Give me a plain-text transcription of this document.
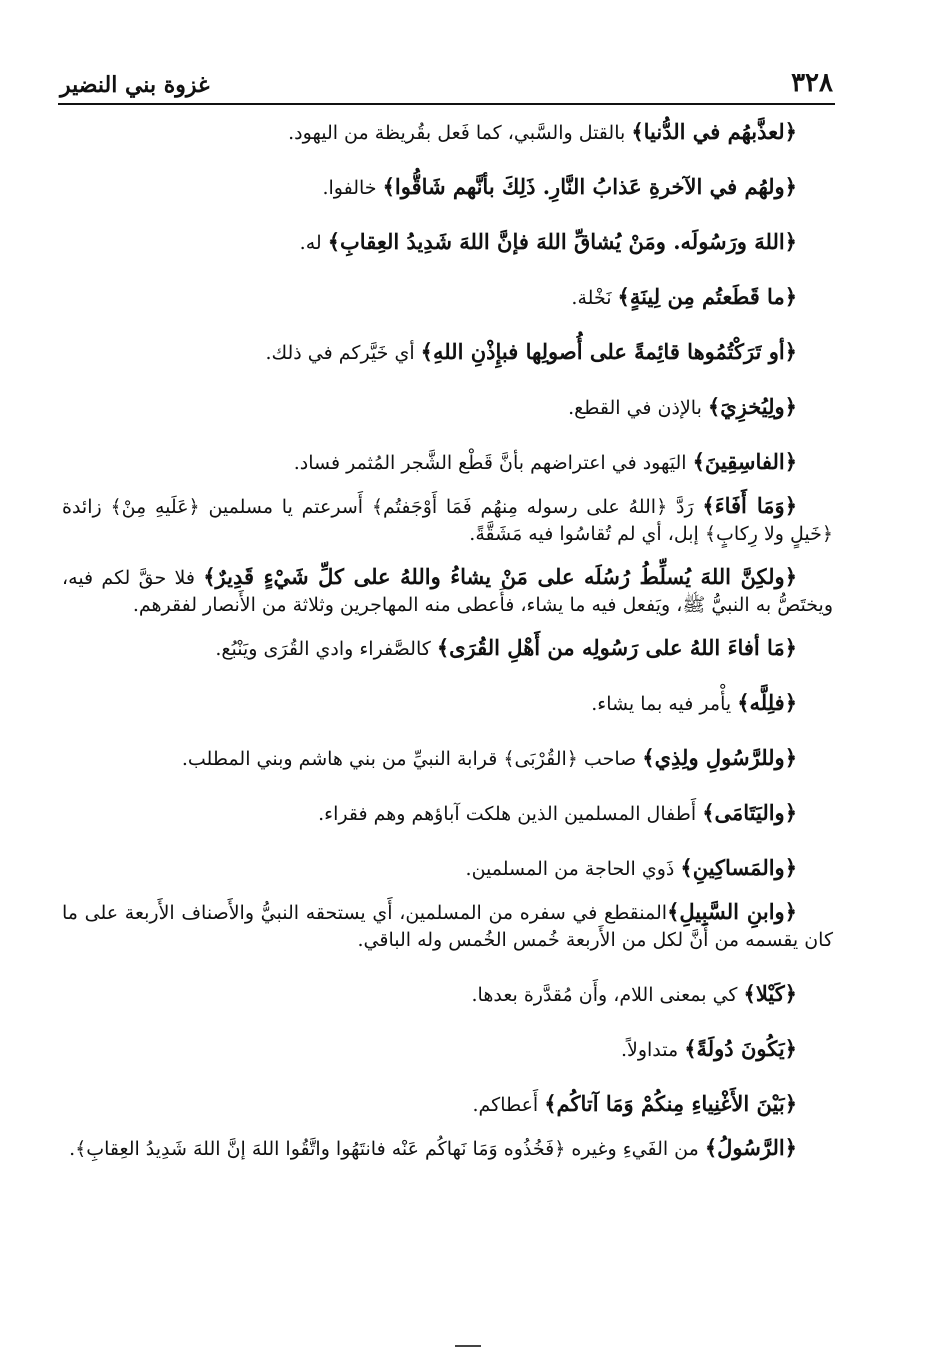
٣٢٨
غزوة بني النضير

﴿لعذَّبهُم في الدُّنيا﴾ بالقتل والسَّبي، كما فَعل بقُريظة من اليهود.

﴿ولهُم في الآخرةِ عَذابُ النَّارِ. ذَلِكَ بأنَّهم شَاقُّوا﴾ خالفوا.

﴿اللهَ ورَسُولَه. ومَنْ يُشاقِّ اللهَ فإنَّ اللهَ شَدِيدُ العِقابِ﴾ له.

﴿ما قَطَعتُم مِن لِينَةٍ﴾ نَخْلة.

﴿أو تَرَكْتُمُوها قائِمةً على أُصولِها فبإِذْنِ اللهِ﴾ أي خَيَّركم في ذلك.

﴿ولِيُخزِيَ﴾ بالإذن في القطع.

﴿الفاسِقِينَ﴾ اليَهود في اعتراضهم بأنَّ قَطْع الشَّجر المُثمر فساد.

﴿وَمَا أَفَاءَ﴾ رَدَّ ﴿اللهُ على رسوله مِنهُم فَمَا أَوْجَفتُم﴾ أَسرعتم يا مسلمين ﴿عَلَيهِ مِنْ﴾ زائدة ﴿خَيلٍ ولا رِكابٍ﴾ إبل، أي لم تُقاسُوا فيه مَشَقَّةً.

﴿ولكِنَّ اللهَ يُسلِّطُ رُسُلَه على مَنْ يشاءُ واللهُ على كلِّ شَيْءٍ قَدِيرٌ﴾ فلا حقَّ لكم فيه، ويختَصُّ به النبيُّ ﷺ، ويَفعل فيه ما يشاء، فأَعطى منه المهاجرين وثلاثة من الأَنصار لفقرهم.

﴿مَا أفاءَ اللهُ على رَسُولِه من أَهْلِ القُرَى﴾ كالصَّفراء وادي القُرَى ويَنْبُع.

﴿فلِلَّه﴾ يأْمر فيه بما يشاء.

﴿وللرَّسُولِ ولِذِي﴾ صاحب ﴿القُرْبَى﴾ قرابة النبيِّ من بني هاشم وبني المطلب.

﴿واليَتَامَى﴾ أَطفال المسلمين الذين هلكت آباؤهم وهم فقراء.

﴿والمَساكِينِ﴾ ذَوي الحاجة من المسلمين.

﴿وابنِ السَّبِيلِ﴾المنقطع في سفره من المسلمين، أَي يستحقه النبيُّ والأَصناف الأَربعة على ما كان يقسمه من أَنَّ لكل من الأَربعة خُمس الخُمس وله الباقي.

﴿كَيْلا﴾ كي بمعنى اللام، وأَن مُقدَّرة بعدها.

﴿يَكُونَ دُولَةً﴾ متداولاً.

﴿بَيْنَ الأَغْنِياءِ مِنكُمْ وَمَا آتاكُم﴾ أَعطاكم.

﴿الرَّسُولُ﴾ من الفَيءِ وغيره ﴿فَخُذُوه وَمَا نَهاكُم عَنْه فانتَهُوا واتَّقُوا اللهَ إنَّ اللهَ شَدِيدُ العِقابِ﴾.
